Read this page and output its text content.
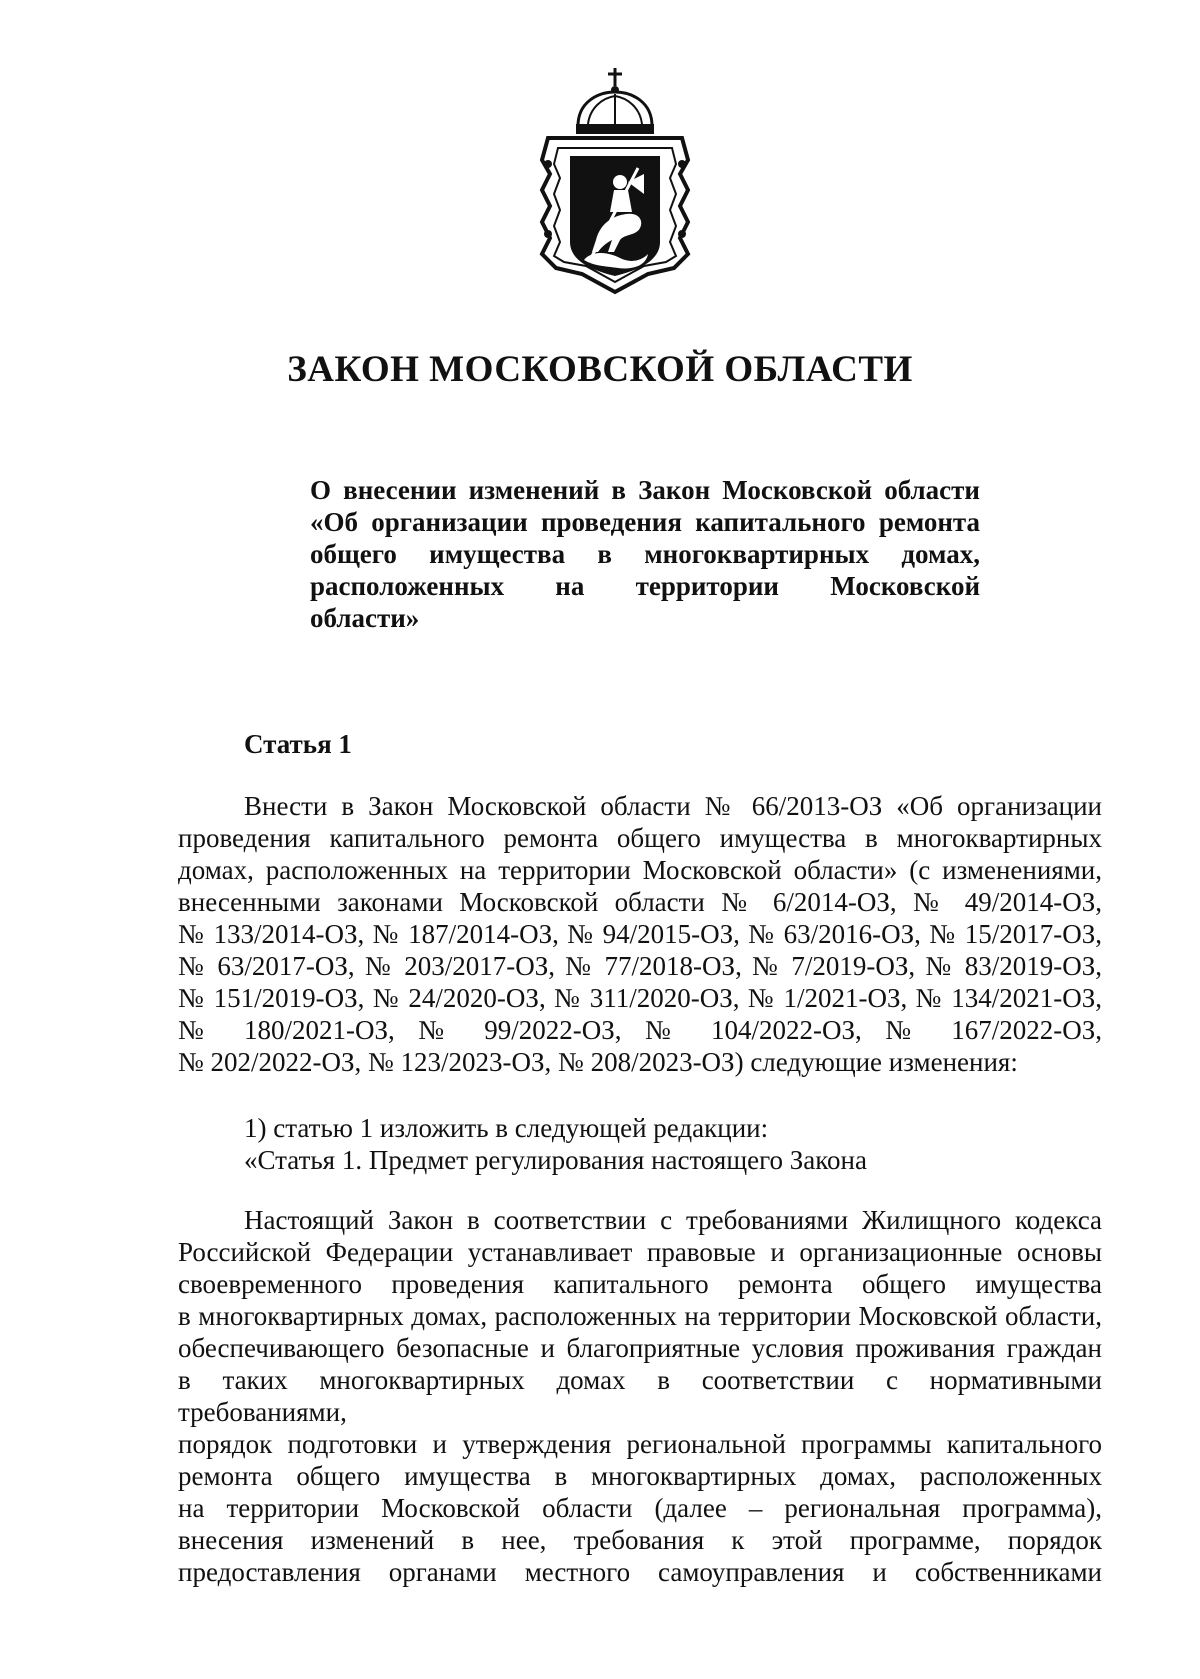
ЗАКОН МОСКОВСКОЙ ОБЛАСТИ
О внесении изменений в Закон Московской области
«Об организации проведения капитального ремонта
общего имущества в многоквартирных домах,
расположенных на территории Московской
области»
Статья 1
Внести в Закон Московской области № 66/2013-ОЗ «Об организации
проведения капитального ремонта общего имущества в многоквартирных
домах, расположенных на территории Московской области» (с изменениями,
внесенными законами Московской области № 6/2014-ОЗ, № 49/2014-ОЗ,
№ 133/2014-ОЗ, № 187/2014-ОЗ, № 94/2015-ОЗ, № 63/2016-ОЗ, № 15/2017-ОЗ,
№ 63/2017-ОЗ, № 203/2017-ОЗ, № 77/2018-ОЗ, № 7/2019-ОЗ, № 83/2019-ОЗ,
№ 151/2019-ОЗ, № 24/2020-ОЗ, № 311/2020-ОЗ, № 1/2021-ОЗ, № 134/2021-ОЗ,
№ 180/2021-ОЗ, № 99/2022-ОЗ, № 104/2022-ОЗ, № 167/2022-ОЗ,
№ 202/2022-ОЗ, № 123/2023-ОЗ, № 208/2023-ОЗ) следующие изменения:
1) статью 1 изложить в следующей редакции:
«Статья 1. Предмет регулирования настоящего Закона
Настоящий Закон в соответствии с требованиями Жилищного кодекса
Российской Федерации устанавливает правовые и организационные основы
своевременного проведения капитального ремонта общего имущества
в многоквартирных домах, расположенных на территории Московской области,
обеспечивающего безопасные и благоприятные условия проживания граждан
в таких многоквартирных домах в соответствии с нормативными требованиями,
порядок подготовки и утверждения региональной программы капитального
ремонта общего имущества в многоквартирных домах, расположенных
на территории Московской области (далее – региональная программа),
внесения изменений в нее, требования к этой программе, порядок
предоставления органами местного самоуправления и собственниками
